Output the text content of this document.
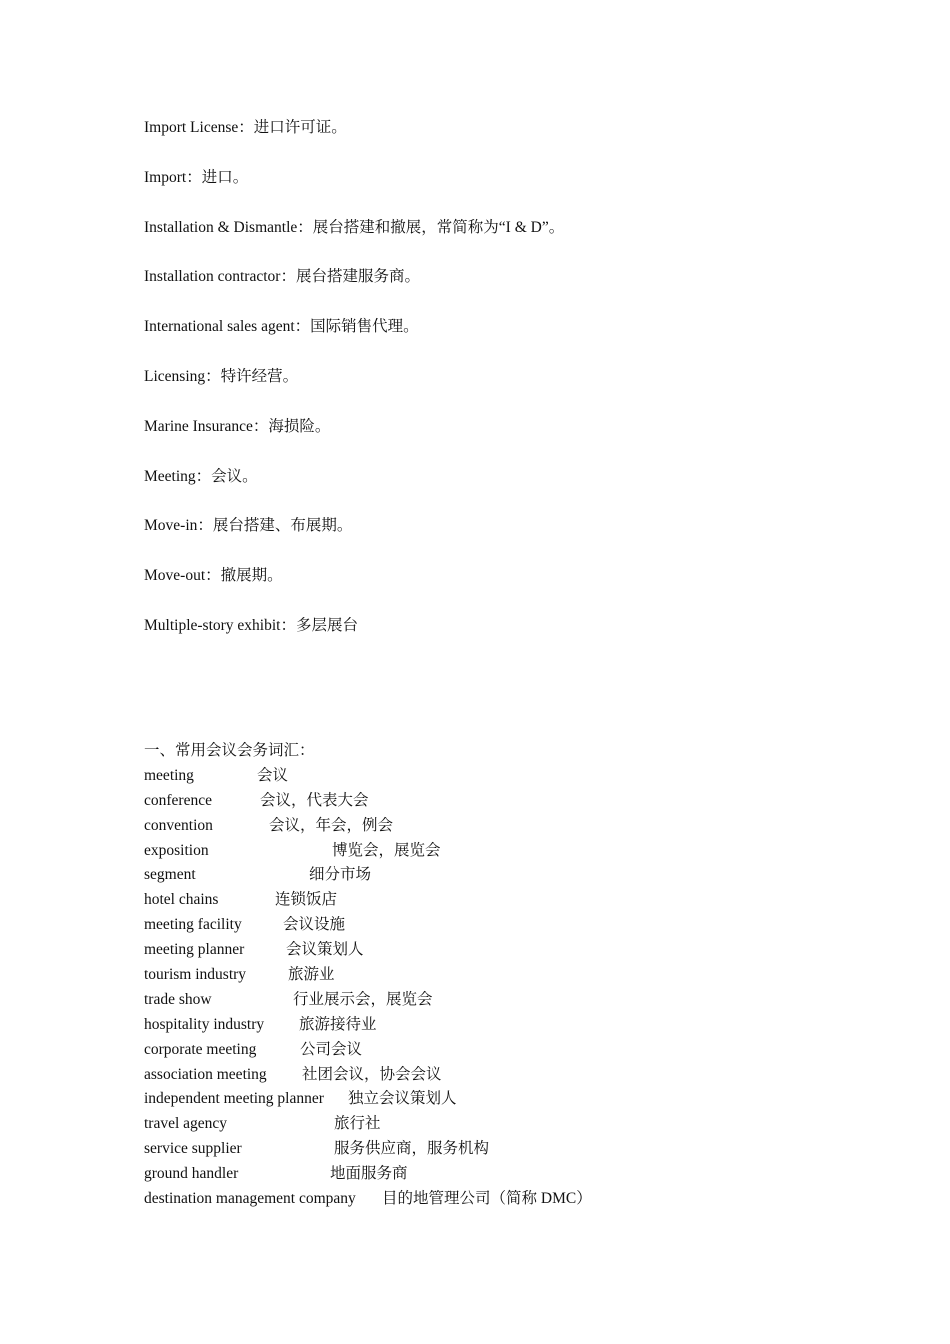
Import License：进口许可证。
Import：进口。
Installation & Dismantle：展台搭建和撤展，常简称为“I & D”。
Installation contractor：展台搭建服务商。
International sales agent：国际销售代理。
Licensing：特许经营。
Marine Insurance：海损险。
Meeting：会议。
Move-in：展台搭建、布展期。
Move-out：撤展期。
Multiple-story exhibit：多层展台
一、常用会议会务词汇：
meeting	会议
conference	会议，代表大会
convention	会议，年会，例会
exposition	博览会，展览会
segment	细分市场
hotel chains	连锁饭店
meeting facility	会议设施
meeting planner	会议策划人
tourism industry	旅游业
trade show	行业展示会，展览会
hospitality industry 旅游接待业
corporate meeting	公司会议
association meeting 社团会议，协会会议
independent meeting planner 独立会议策划人
travel agency	旅行社
service supplier	服务供应商，服务机构
ground handler	地面服务商
destination management company 目的地管理公司（简称 DMC）
